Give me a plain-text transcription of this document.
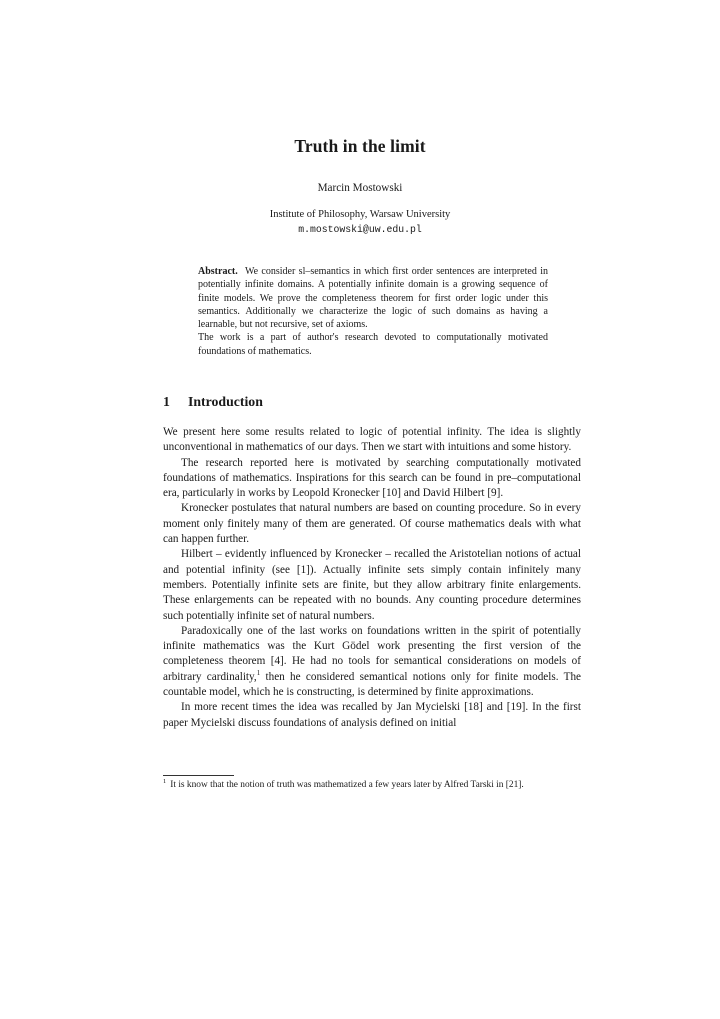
Truth in the limit
Marcin Mostowski
Institute of Philosophy, Warsaw University
m.mostowski@uw.edu.pl

Abstract. We consider sl–semantics in which first order sentences are interpreted in potentially infinite domains. A potentially infinite domain is a growing sequence of finite models. We prove the completeness theorem for first order logic under this semantics. Additionally we characterize the logic of such domains as having a learnable, but not recursive, set of axioms.

The work is a part of author's research devoted to computationally motivated foundations of mathematics.

1 Introduction

We present here some results related to logic of potential infinity. The idea is slightly unconventional in mathematics of our days. Then we start with intuitions and some history.

The research reported here is motivated by searching computationally motivated foundations of mathematics. Inspirations for this search can be found in pre–computational era, particularly in works by Leopold Kronecker [10] and David Hilbert [9].

Kronecker postulates that natural numbers are based on counting procedure. So in every moment only finitely many of them are generated. Of course mathematics deals with what can happen further.

Hilbert – evidently influenced by Kronecker – recalled the Aristotelian notions of actual and potential infinity (see [1]). Actually infinite sets simply contain infinitely many members. Potentially infinite sets are finite, but they allow arbitrary finite enlargements. These enlargements can be repeated with no bounds. Any counting procedure determines such potentially infinite set of natural numbers.

Paradoxically one of the last works on foundations written in the spirit of potentially infinite mathematics was the Kurt Gödel work presenting the first version of the completeness theorem [4]. He had no tools for semantical considerations on models of arbitrary cardinality,$^1$ then he considered semantical notions only for finite models. The countable model, which he is constructing, is determined by finite approximations.

In more recent times the idea was recalled by Jan Mycielski [18] and [19]. In the first paper Mycielski discuss foundations of analysis defined on initial

$^1$ It is know that the notion of truth was mathematized a few years later by Alfred Tarski in [21].
